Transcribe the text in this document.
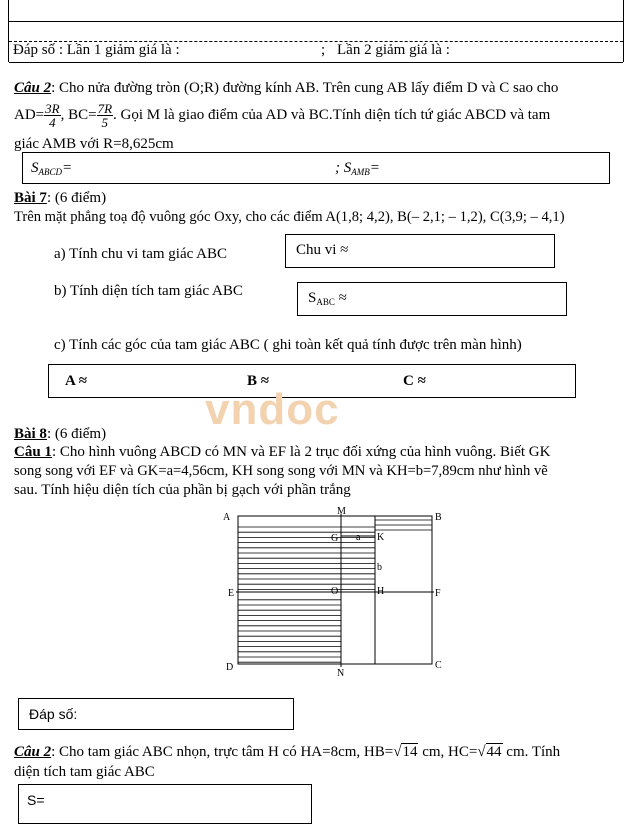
Đáp số : Lần 1 giảm giá là :	; Lần 2 giảm giá là :
Câu 2: Cho nửa đường tròn (O;R) đường kính AB. Trên cung AB lấy điểm D và C sao cho
$AD= \frac{3R}{4}$ , $BC= \frac{7R}{5}$ . Gọi M là giao điểm của AD và BC.Tính diện tích tứ giác ABCD và tam
giác AMB với R=8,625cm
$S_{ABCD}=$	; $S_{AMB}=$
Bài 7: (6 điểm)
Trên mặt phẳng toạ độ vuông góc Oxy, cho các điểm A(1,8; 4,2), B(– 2,1; – 1,2), C(3,9; – 4,1)
a) Tính chu vi tam giác ABC	Chu vi ≈
b) Tính diện tích tam giác ABC	$S_{ABC}$ ≈
c) Tính các góc của tam giác ABC ( ghi toàn kết quả tính được trên màn hình)
A ≈	B ≈	C ≈
vndoc
Bài 8: (6 điểm)
Câu 1: Cho hình vuông ABCD có MN và EF là 2 trục đối xứng của hình vuông. Biết GK
song song với EF và GK=a=4,56cm, KH song song với MN và KH=b=7,89cm như hình vẽ
sau. Tính hiệu diện tích của phần bị gạch với phần trắng
A
M
B
G a K
b
E	O	H	F
D
N
C
Đáp số:
Câu 2: Cho tam giác ABC nhọn, trực tâm H có HA=8cm, HB=√14 cm, HC=√44 cm. Tính
diện tích tam giác ABC
S=
